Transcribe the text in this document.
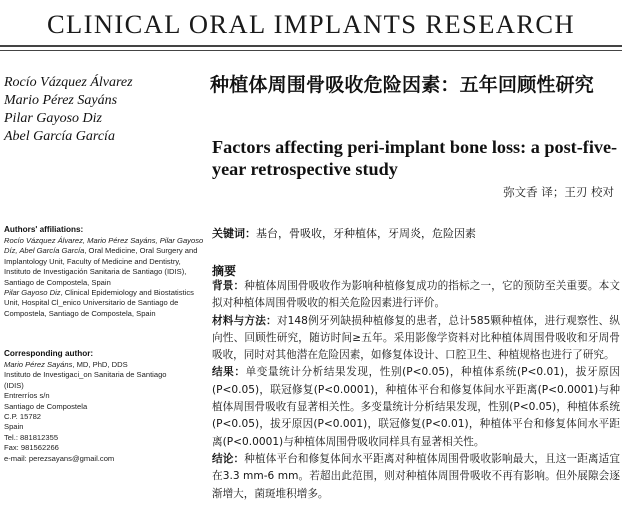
CLINICAL ORAL IMPLANTS RESEARCH
Rocío Vázquez Álvarez
Mario Pérez Sayáns
Pilar Gayoso Diz
Abel García García
种植体周围骨吸收危险因素：五年回顾性研究
Factors affecting peri-implant bone loss: a post-five-year retrospective study
弥文香 译；王刃 校对
Authors' affiliations:
Rocío Vázquez Álvarez, Mario Pérez Sayáns, Pilar Gayoso Díz, Abel García García, Oral Medicine, Oral Surgery and Implantology Unit, Faculty of Medicine and Dentistry, Instituto de Investigación Sanitaria de Santiago (IDIS), Santiago de Compostela, Spain
Pilar Gayoso Diz, Clinical Epidemiology and Biostatistics Unit, Hospital Cl_enico Universitario de Santiago de Compostela, Santiago de Compostela, Spain
Corresponding author:
Mario Pérez Sayáns, MD, PhD, DDS
Instituto de Investigaci_on Sanitaria de Santiago
(IDIS)
Entrerríos s/n
Santiago de Compostela
C.P. 15782
Spain
Tel.: 881812355
Fax: 981562266
e-mail: perezsayans@gmail.com
关键词：基台，骨吸收，牙种植体，牙周炎，危险因素
摘要

背景：种植体周围骨吸收作为影响种植修复成功的指标之一，它的预防至关重要。本文拟对种植体周围骨吸收的相关危险因素进行评价。

材料与方法：对148例牙列缺损种植修复的患者，总计585颗种植体，进行观察性、纵向性、回顾性研究，随访时间≥五年。采用影像学资料对比种植体周围骨吸收和牙周骨吸收，同时对其他潜在危险因素，如修复体设计、口腔卫生、种植规格也进行了研究。

结果：单变量统计分析结果发现，性别(P<0.05)，种植体系统(P<0.01)，拔牙原因(P<0.05)，联冠修复(P<0.0001)，种植体平台和修复体间水平距离(P<0.0001)与种植体周围骨吸收有显著相关性。多变量统计分析结果发现，性别(P<0.05)，种植体系统(P<0.05)，拔牙原因(P<0.001)，联冠修复(P<0.01)，种植体平台和修复体间水平距离(P<0.0001)与种植体周围骨吸收同样具有显著相关性。

结论：种植体平台和修复体间水平距离对种植体周围骨吸收影响最大，且这一距离适宜在3.3 mm-6 mm。若超出此范围，则对种植体周围骨吸收不再有影响。但外展隙会逐渐增大，菌斑堆积增多。
